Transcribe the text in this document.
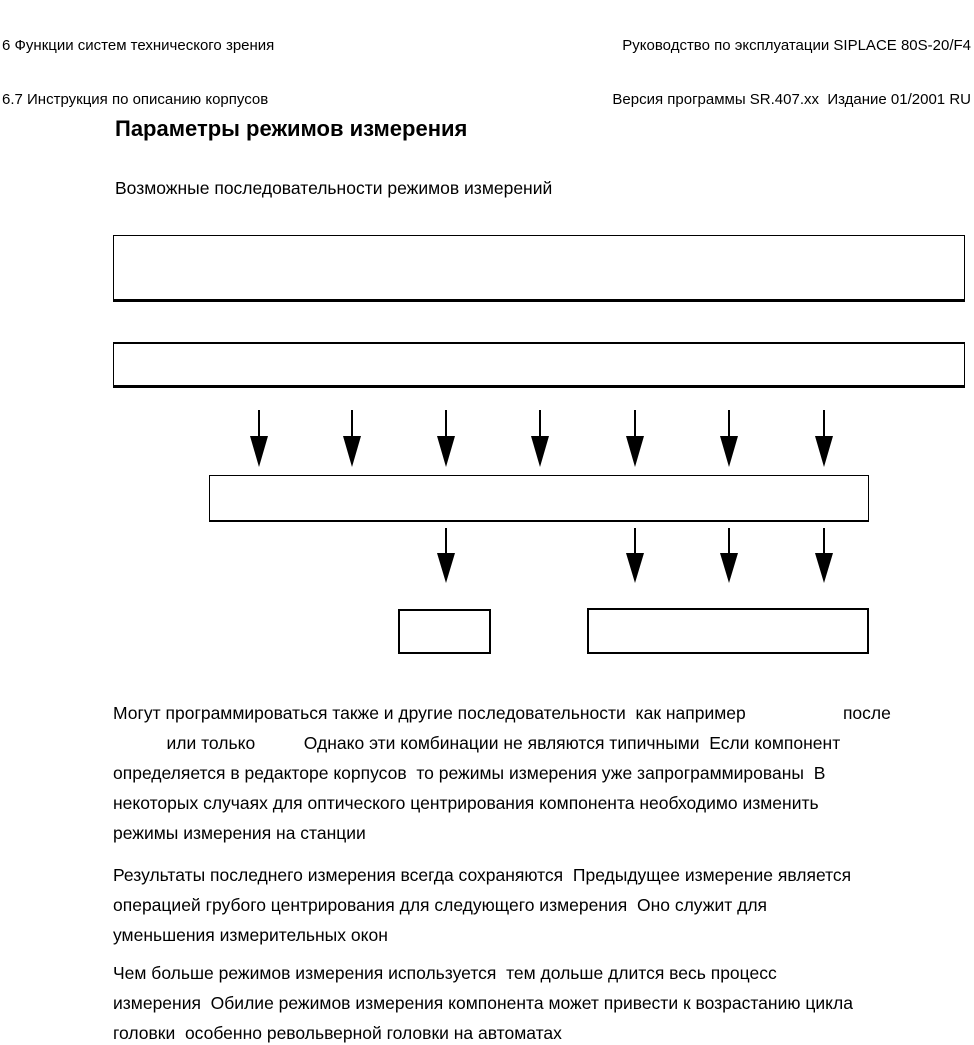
6 Функции систем технического зрения

6.7 Инструкция по описанию корпусов

Руководство по эксплуатации SIPLACE 80S-20/F4

Версия программы SR.407.xx  Издание 01/2001 RU

Параметры режимов измерения
Возможные последовательности режимов измерений
Могут программироваться также и другие последовательности  как например                    после
или только          Однако эти комбинации не являются типичными  Если компонент
определяется в редакторе корпусов  то режимы измерения уже запрограммированы  В
некоторых случаях для оптического центрирования компонента необходимо изменить
режимы измерения на станции
Результаты последнего измерения всегда сохраняются  Предыдущее измерение является
операцией грубого центрирования для следующего измерения  Оно служит для
уменьшения измерительных окон
Чем больше режимов измерения используется  тем дольше длится весь процесс
измерения  Обилие режимов измерения компонента может привести к возрастанию цикла
головки  особенно револьверной головки на автоматах
